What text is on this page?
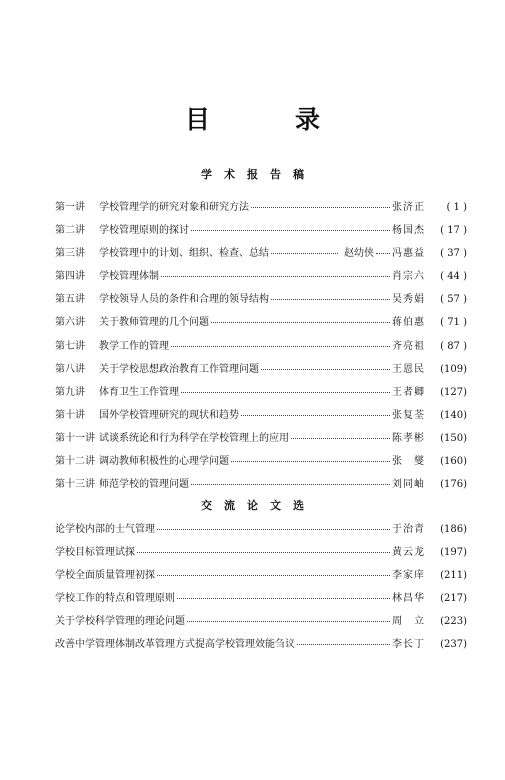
目　录
学术报告稿
第一讲	学校管理学的研究对象和研究方法	张济正	( 1 )
第二讲	学校管理原则的探讨	杨国杰	( 17 )
第三讲	学校管理中的计划、组织、检查、总结	赵幼侠 冯惠益	( 37 )
第四讲	学校管理体制	肖宗六	( 44 )
第五讲	学校领导人员的条件和合理的领导结构	吴秀娟	( 57 )
第六讲	关于教师管理的几个问题	蒋伯惠	( 71 )
第七讲	教学工作的管理	齐亮祖	( 87 )
第八讲	关于学校思想政治教育工作管理问题	王恩民	(109)
第九讲	体育卫生工作管理	王者卿	(127)
第十讲	国外学校管理研究的现状和趋势	张复荃	(140)
第十一讲 试谈系统论和行为科学在学校管理上的应用	陈孝彬	(150)
第十二讲 调动教师积极性的心理学问题	张　燮	(160)
第十三讲 师范学校的管理问题	刘同岫	(176)
交流论文选
论学校内部的士气管理	于治青	(186)
学校目标管理试探	黄云龙	(197)
学校全面质量管理初探	李家庠	(211)
学校工作的特点和管理原则	林昌华	(217)
关于学校科学管理的理论问题	周　立	(223)
改善中学管理体制改革管理方式提高学校管理效能刍议	李长丁	(237)
